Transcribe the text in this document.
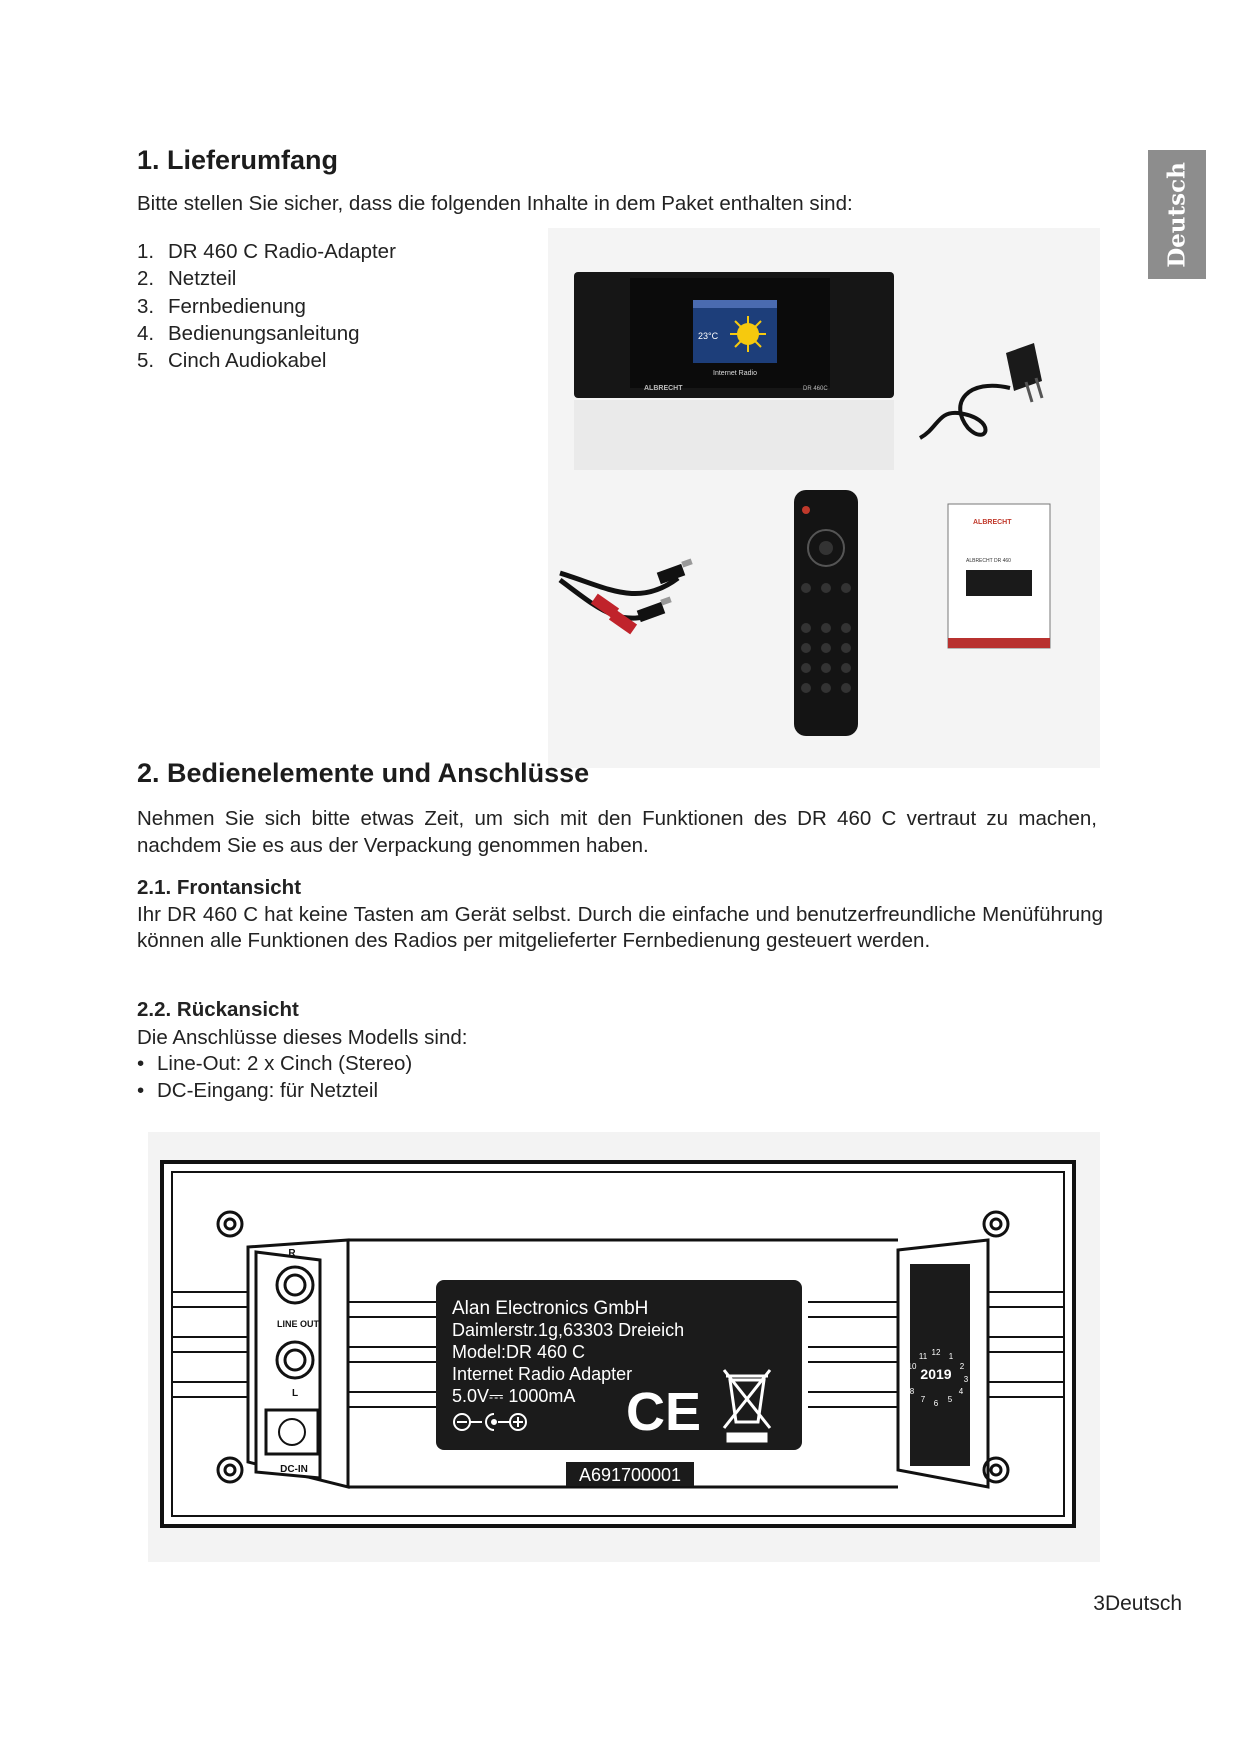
Deutsch
1. Lieferumfang
Bitte stellen Sie sicher, dass die folgenden Inhalte in dem Paket enthalten sind:
1. DR 460 C Radio-Adapter
2. Netzteil
3. Fernbedienung
4. Bedienungsanleitung
5. Cinch Audiokabel
23°C
Internet Radio
ALBRECHT	DR 460C
ALBRECHT
ALBRECHT DR 460
2. Bedienelemente und Anschlüsse
Nehmen Sie sich bitte etwas Zeit, um sich mit den Funktionen des DR 460 C vertraut zu machen, nachdem Sie es aus der Verpackung genommen haben.
2.1. Frontansicht
Ihr DR 460 C hat keine Tasten am Gerät selbst. Durch die einfache und benutzerfreundliche Menüführung können alle Funktionen des Radios per mitgelieferter Fernbedienung gesteuert werden.
2.2. Rückansicht
Die Anschlüsse dieses Modells sind:
• Line-Out: 2 x Cinch (Stereo)
• DC-Eingang: für Netzteil
R
LINE OUT
L
DC-IN
Alan Electronics GmbH
Daimlerstr.1g,63303 Dreieich
Model:DR 460 C
Internet Radio Adapter
5.0V⎓ 1000mA CE
A691700001
2019
12 1
2
3
4
5
6
7
8
9
10
11
3Deutsch
